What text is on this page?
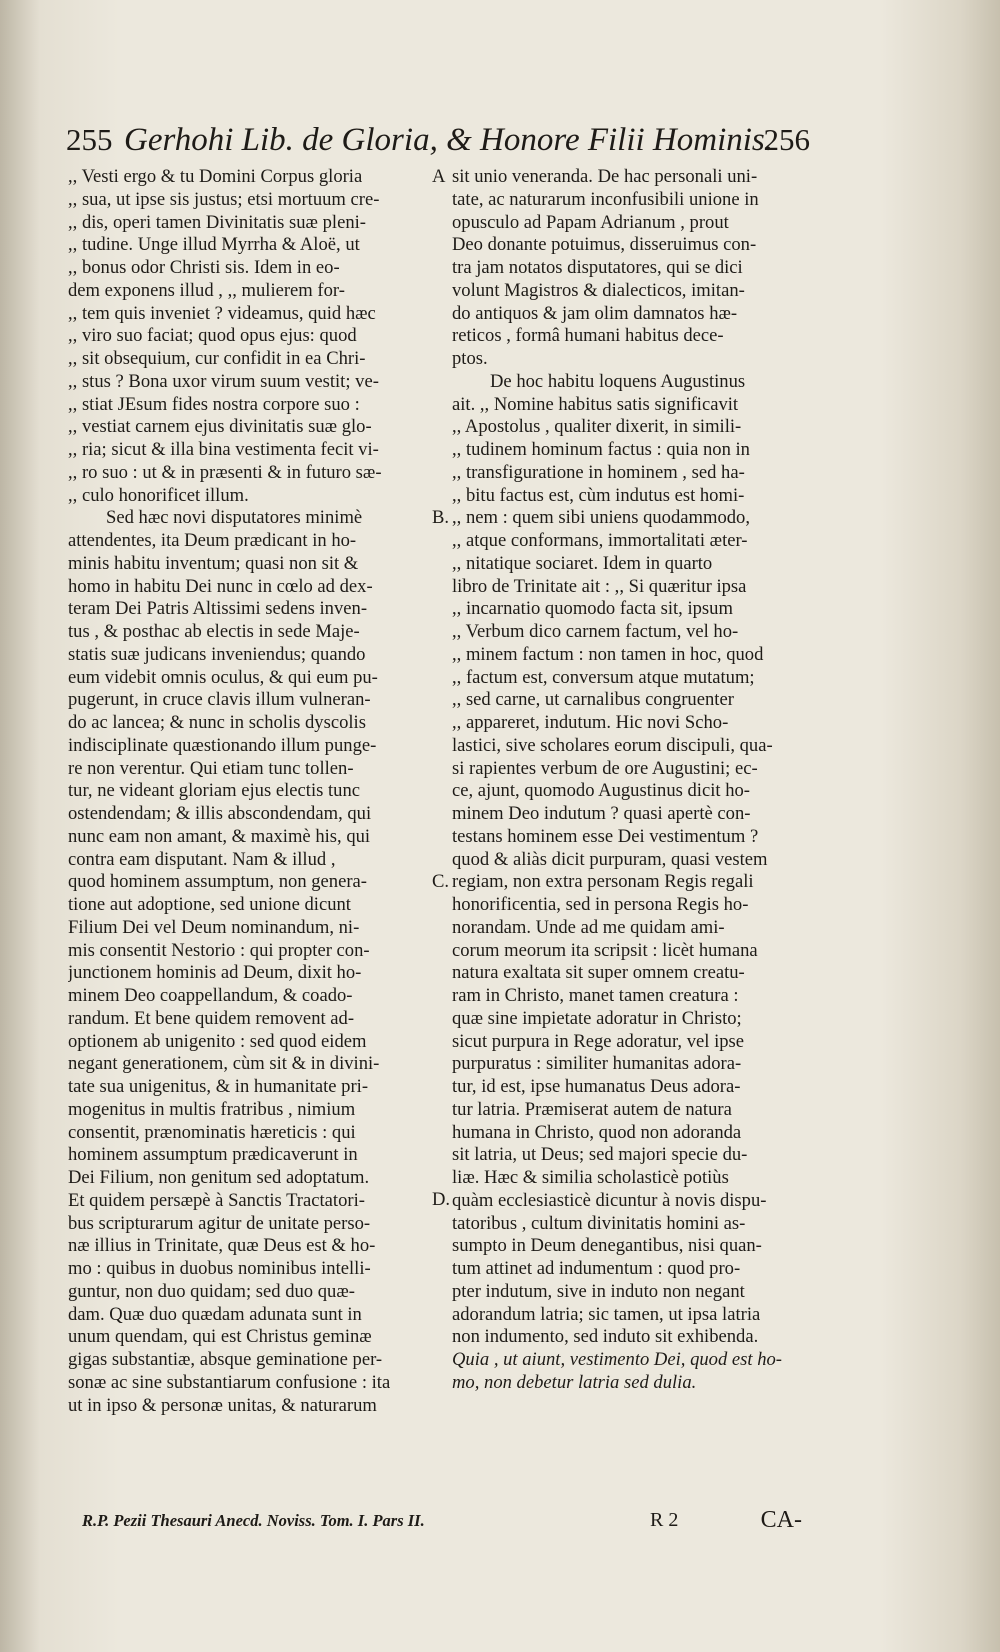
255 Gerhohi Lib. de Gloria, & Honore Filii Hominis.
256
,, Vesti ergo & tu Domini Corpus gloria
,, sua, ut ipse sis justus; etsi mortuum cre-
,, dis, operi tamen Divinitatis suæ pleni-
,, tudine. Unge illud Myrrha & Aloë, ut
,, bonus odor Christi sis. Idem in eo-
dem exponens illud , ,, mulierem for-
,, tem quis inveniet ? videamus, quid hæc
,, viro suo faciat; quod opus ejus: quod
,, sit obsequium, cur confidit in ea Chri-
,, stus ? Bona uxor virum suum vestit; ve-
,, stiat JEsum fides nostra corpore suo :
,, vestiat carnem ejus divinitatis suæ glo-
,, ria; sicut & illa bina vestimenta fecit vi-
,, ro suo : ut & in præsenti & in futuro sæ-
,, culo honorificet illum.
Sed hæc novi disputatores minimè
attendentes, ita Deum prædicant in ho-
minis habitu inventum; quasi non sit &
homo in habitu Dei nunc in cœlo ad dex-
teram Dei Patris Altissimi sedens inven-
tus , & posthac ab electis in sede Maje-
statis suæ judicans inveniendus; quando
eum videbit omnis oculus, & qui eum pu-
pugerunt, in cruce clavis illum vulneran-
do ac lancea; & nunc in scholis dyscolis
indisciplinate quæstionando illum punge-
re non verentur. Qui etiam tunc tollen-
tur, ne videant gloriam ejus electis tunc
ostendendam; & illis abscondendam, qui
nunc eam non amant, & maximè his, qui
contra eam disputant. Nam & illud ,
quod hominem assumptum, non genera-
tione aut adoptione, sed unione dicunt
Filium Dei vel Deum nominandum, ni-
mis consentit Nestorio : qui propter con-
junctionem hominis ad Deum, dixit ho-
minem Deo coappellandum, & coado-
randum. Et bene quidem removent ad-
optionem ab unigenito : sed quod eidem
negant generationem, cùm sit & in divini-
tate sua unigenitus, & in humanitate pri-
mogenitus in multis fratribus , nimium
consentit, prænominatis hæreticis : qui
hominem assumptum prædicaverunt in
Dei Filium, non genitum sed adoptatum.
Et quidem persæpè à Sanctis Tractatori-
bus scripturarum agitur de unitate perso-
næ illius in Trinitate, quæ Deus est & ho-
mo : quibus in duobus nominibus intelli-
guntur, non duo quidam; sed duo quæ-
dam. Quæ duo quædam adunata sunt in
unum quendam, qui est Christus geminæ
gigas substantiæ, absque geminatione per-
sonæ ac sine substantiarum confusione : ita
ut in ipso & personæ unitas, & naturarum
sit unio veneranda. De hac personali uni-
tate, ac naturarum inconfusibili unione in
opusculo ad Papam Adrianum , prout
Deo donante potuimus, disseruimus con-
tra jam notatos disputatores, qui se dici
volunt Magistros & dialecticos, imitan-
do antiquos & jam olim damnatos hæ-
reticos , formâ humani habitus dece-
ptos.
De hoc habitu loquens Augustinus
ait. ,, Nomine habitus satis significavit
,, Apostolus , qualiter dixerit, in simili-
,, tudinem hominum factus : quia non in
,, transfiguratione in hominem , sed ha-
,, bitu factus est, cùm indutus est homi-
,, nem : quem sibi uniens quodammodo,
,, atque conformans, immortalitati æter-
,, nitatique sociaret. Idem in quarto
libro de Trinitate ait : ,, Si quæritur ipsa
,, incarnatio quomodo facta sit, ipsum
,, Verbum dico carnem factum, vel ho-
,, minem factum : non tamen in hoc, quod
,, factum est, conversum atque mutatum;
,, sed carne, ut carnalibus congruenter
,, appareret, indutum. Hic novi Scho-
lastici, sive scholares eorum discipuli, qua-
si rapientes verbum de ore Augustini; ec-
ce, ajunt, quomodo Augustinus dicit ho-
minem Deo indutum ? quasi apertè con-
testans hominem esse Dei vestimentum ?
quod & aliàs dicit purpuram, quasi vestem
regiam, non extra personam Regis regali
honorificentia, sed in persona Regis ho-
norandam. Unde ad me quidam ami-
corum meorum ita scripsit : licèt humana
natura exaltata sit super omnem creatu-
ram in Christo, manet tamen creatura :
quæ sine impietate adoratur in Christo;
sicut purpura in Rege adoratur, vel ipse
purpuratus : similiter humanitas adora-
tur, id est, ipse humanatus Deus adora-
tur latria. Præmiserat autem de natura
humana in Christo, quod non adoranda
sit latria, ut Deus; sed majori specie du-
liæ. Hæc & similia scholasticè potiùs
quàm ecclesiasticè dicuntur à novis dispu-
tatoribus , cultum divinitatis homini as-
sumpto in Deum denegantibus, nisi quan-
tum attinet ad indumentum : quod pro-
pter indutum, sive in induto non negant
adorandum latria; sic tamen, ut ipsa latria
non indumento, sed induto sit exhibenda.
Quia , ut aiunt, vestimento Dei, quod est ho-
mo, non debetur latria sed dulia.
A
B.
C.
D.
R.P. Pezii Thesauri Anecd. Noviss. Tom. I. Pars II.	R 2	CA-
